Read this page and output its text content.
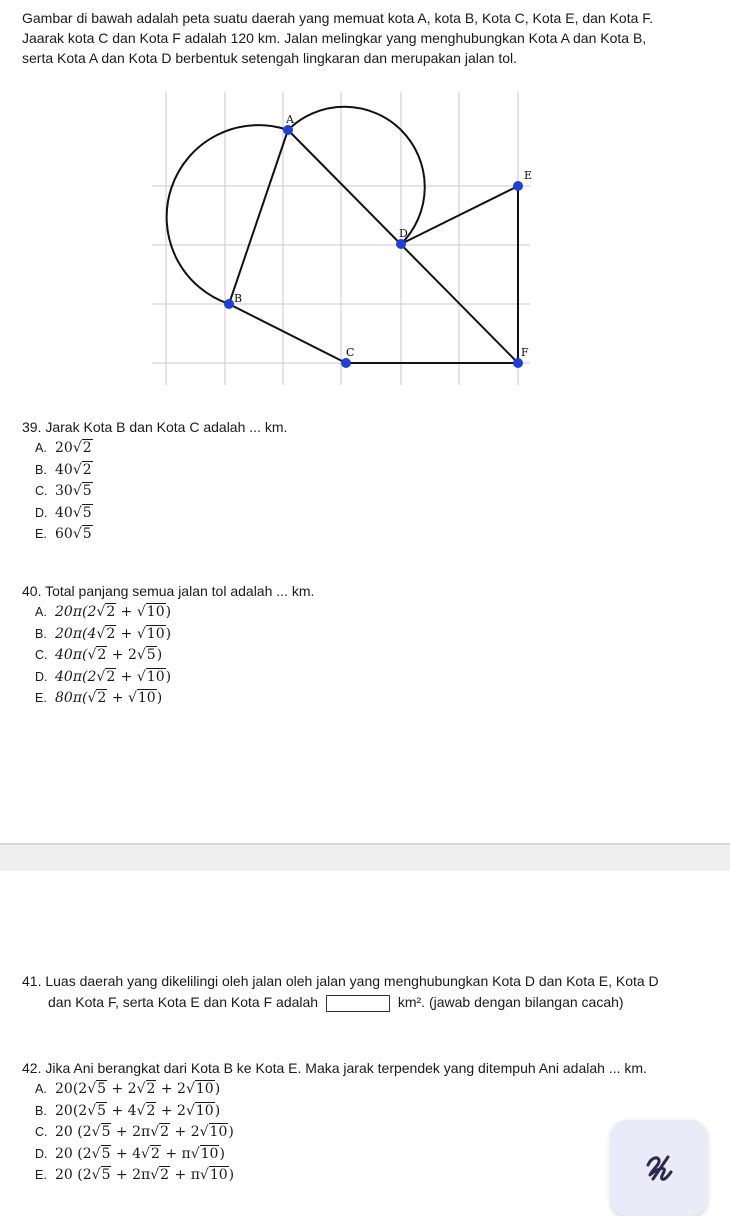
Gambar di bawah adalah peta suatu daerah yang memuat kota A, kota B, Kota C, Kota E, dan Kota F.

Jaarak kota C dan Kota F adalah 120 km. Jalan melingkar yang menghubungkan Kota A dan Kota B,

serta Kota A dan Kota D berbentuk setengah lingkaran dan merupakan jalan tol.

A
B
C
D
E
F
39. Jarak Kota B dan Kota C adalah ... km.
A. 20√2
B. 40√2
C. 30√5
D. 40√5
E. 60√5
40. Total panjang semua jalan tol adalah ... km.
A. 20π(2√2 + √10)
B. 20π(4√2 + √10)
C. 40π(√2 + 2√5)
D. 40π(2√2 + √10)
E. 80π(√2 + √10)
41. Luas daerah yang dikelilingi oleh jalan oleh jalan yang menghubungkan Kota D dan Kota E, Kota D
dan Kota F, serta Kota E dan Kota F adalah	km². (jawab dengan bilangan cacah)
42. Jika Ani berangkat dari Kota B ke Kota E. Maka jarak terpendek yang ditempuh Ani adalah ... km.
A. 20(2√5 + 2√2 + 2√10)
B. 20(2√5 + 4√2 + 2√10)
C. 20 (2√5 + 2π√2 + 2√10)
D. 20 (2√5 + 4√2 + π√10)
E. 20 (2√5 + 2π√2 + π√10)
